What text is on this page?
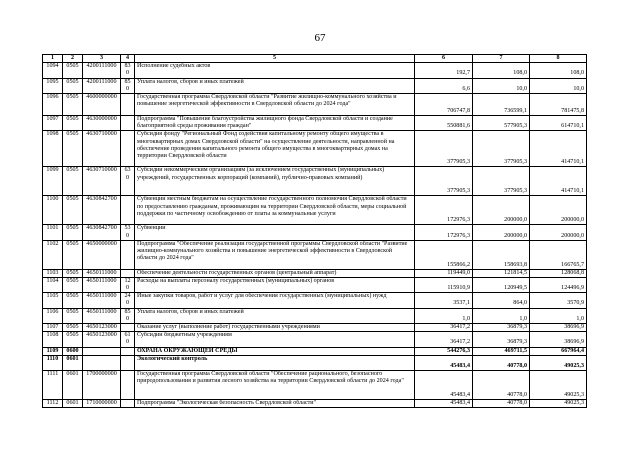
67
1	2	3	4	5	6	7	8
1094	0505	4200111000	830	Исполнение судебных актов	192,7	108,0	108,0
1095	0505	4200111000	850	Уплата налогов, сборов и иных платежей	6,6	10,0	10,0
1096	0505	4600000000		Государственная программа Свердловской области "Развитие жилищно-коммунального хозяйства и повышение энергетической эффективности в Свердловской области до 2024 года"	706747,8	736599,1	781475,8
1097	0505	4630000000		Подпрограмма "Повышение благоустройства жилищного фонда Свердловской области и создание благоприятной среды проживания граждан"	550881,6	577905,3	614710,1
1098	0505	4630710000		Субсидия фонду "Региональный Фонд содействия капитальному ремонту общего имущества в многоквартирных домах Свердловской области" на осуществление деятельности, направленной на обеспечение проведения капитального ремонта общего имущества в многоквартирных домах на территории Свердловской области	377905,3	377905,3	414710,1
1099	0505	4630710000	630	Субсидии некоммерческим организациям (за исключением государственных (муниципальных) учреждений, государственных корпораций (компаний), публично-правовых компаний)	377905,3	377905,3	414710,1
1100	0505	4630842700		Субвенции местным бюджетам на осуществление государственного полномочия Свердловской области по предоставлению гражданам, проживающим на территории Свердловской области, меры социальной поддержки по частичному освобождению от платы за коммунальные услуги	172976,3	200000,0	200000,0
1101	0505	4630842700	530	Субвенции	172976,3	200000,0	200000,0
1102	0505	4650000000		Подпрограмма "Обеспечение реализации государственной программы Свердловской области "Развитие жилищно-коммунального хозяйства и повышение энергетической эффективности в Свердловской области до 2024 года"	155866,2	158693,8	166765,7
1103	0505	4650111000		Обеспечение деятельности государственных органов (центральный аппарат)	119449,0	121814,5	128068,8
1104	0505	4650111000	120	Расходы на выплаты персоналу государственных (муниципальных) органов	115910,9	120949,5	124496,9
1105	0505	4650111000	240	Иные закупки товаров, работ и услуг для обеспечения государственных (муниципальных) нужд	3537,1	864,0	3570,9
1106	0505	4650111000	850	Уплата налогов, сборов и иных платежей	1,0	1,0	1,0
1107	0505	4650123000		Оказание услуг (выполнение работ) государственными учреждениями	36417,2	36879,3	38696,9
1108	0505	4650123000	610	Субсидии бюджетным учреждениям	36417,2	36879,3	38696,9
1109	0600			ОХРАНА ОКРУЖАЮЩЕЙ СРЕДЫ	544276,3	469711,5	667964,4
1110	0601			Экологический контроль	45483,4	40778,0	49025,3
1111	0601	1700000000		Государственная программа Свердловской области "Обеспечение рационального, безопасного природопользования и развития лесного хозяйства на территории Свердловской области до 2024 года"	45483,4	40778,0	49025,3
1112	0601	1710000000		Подпрограмма "Экологическая безопасность Свердловской области"	45483,4	40778,0	49025,3
